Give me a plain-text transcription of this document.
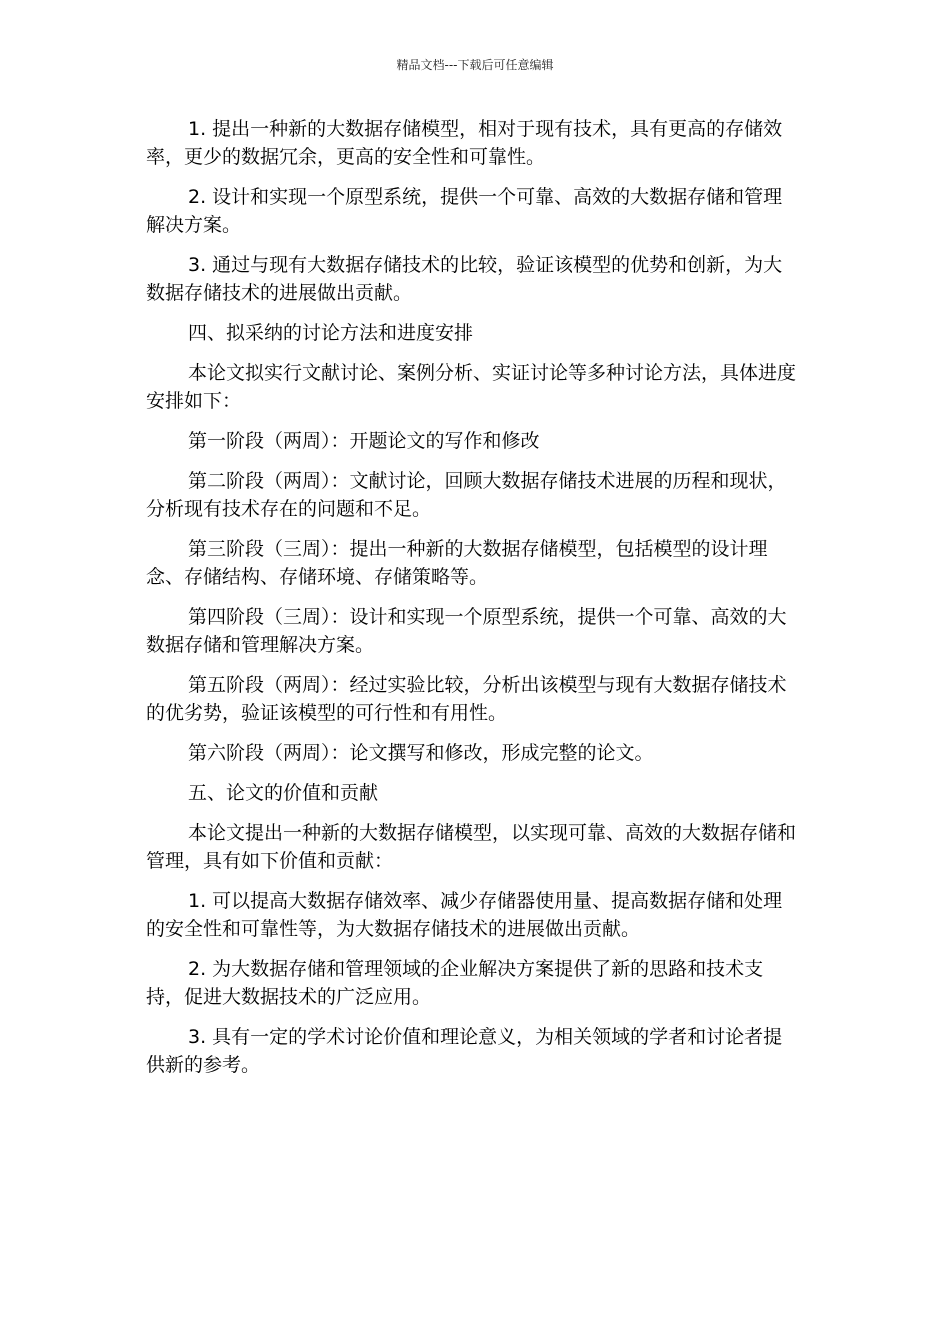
精品文档---下载后可任意编辑

1. 提出一种新的大数据存储模型，相对于现有技术，具有更高的存储效率，更少的数据冗余，更高的安全性和可靠性。

2. 设计和实现一个原型系统，提供一个可靠、高效的大数据存储和管理解决方案。

3. 通过与现有大数据存储技术的比较，验证该模型的优势和创新，为大数据存储技术的进展做出贡献。

四、拟采纳的讨论方法和进度安排

本论文拟实行文献讨论、案例分析、实证讨论等多种讨论方法，具体进度安排如下：

第一阶段（两周）：开题论文的写作和修改

第二阶段（两周）：文献讨论，回顾大数据存储技术进展的历程和现状，分析现有技术存在的问题和不足。

第三阶段（三周）：提出一种新的大数据存储模型，包括模型的设计理念、存储结构、存储环境、存储策略等。

第四阶段（三周）：设计和实现一个原型系统，提供一个可靠、高效的大数据存储和管理解决方案。

第五阶段（两周）：经过实验比较，分析出该模型与现有大数据存储技术的优劣势，验证该模型的可行性和有用性。

第六阶段（两周）：论文撰写和修改，形成完整的论文。

五、论文的价值和贡献

本论文提出一种新的大数据存储模型，以实现可靠、高效的大数据存储和管理，具有如下价值和贡献：

1. 可以提高大数据存储效率、减少存储器使用量、提高数据存储和处理的安全性和可靠性等，为大数据存储技术的进展做出贡献。

2. 为大数据存储和管理领域的企业解决方案提供了新的思路和技术支持，促进大数据技术的广泛应用。

3. 具有一定的学术讨论价值和理论意义，为相关领域的学者和讨论者提供新的参考。
